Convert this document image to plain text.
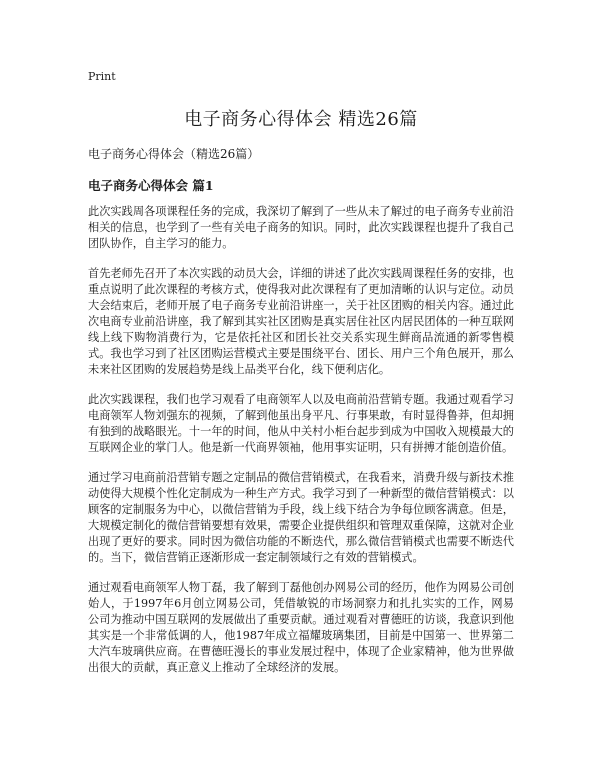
Print
电子商务心得体会 精选26篇

电子商务心得体会（精选26篇）

电子商务心得体会 篇1

此次实践周各项课程任务的完成，我深切了解到了一些从未了解过的电子商务专业前沿相关的信息，也学到了一些有关电子商务的知识。同时，此次实践课程也提升了我自己团队协作，自主学习的能力。

首先老师先召开了本次实践的动员大会，详细的讲述了此次实践周课程任务的安排，也重点说明了此次课程的考核方式，使得我对此次课程有了更加清晰的认识与定位。动员大会结束后，老师开展了电子商务专业前沿讲座一，关于社区团购的相关内容。通过此次电商专业前沿讲座，我了解到其实社区团购是真实居住社区内居民团体的一种互联网线上线下购物消费行为，它是依托社区和团长社交关系实现生鲜商品流通的新零售模式。我也学习到了社区团购运营模式主要是围绕平台、团长、用户三个角色展开，那么未来社区团购的发展趋势是线上品类平台化，线下便利店化。

此次实践课程，我们也学习观看了电商领军人以及电商前沿营销专题。我通过观看学习电商领军人物刘强东的视频，了解到他虽出身平凡、行事果敢，有时显得鲁莽，但却拥有独到的战略眼光。十一年的时间，他从中关村小柜台起步到成为中国收入规模最大的互联网企业的掌门人。他是新一代商界领袖，他用事实证明，只有拼搏才能创造价值。

通过学习电商前沿营销专题之定制品的微信营销模式，在我看来，消费升级与新技术推动使得大规模个性化定制成为一种生产方式。我学习到了一种新型的微信营销模式：以顾客的定制服务为中心，以微信营销为手段，线上线下结合为争每位顾客满意。但是，大规模定制化的微信营销要想有效果，需要企业提供组织和管理双重保障，这就对企业出现了更好的要求。同时因为微信功能的不断迭代，那么微信营销模式也需要不断迭代的。当下，微信营销正逐渐形成一套定制领域行之有效的营销模式。

通过观看电商领军人物丁磊，我了解到丁磊他创办网易公司的经历，他作为网易公司创始人，于1997年6月创立网易公司，凭借敏锐的市场洞察力和扎扎实实的工作，网易公司为推动中国互联网的发展做出了重要贡献。通过观看对曹德旺的访谈，我意识到他其实是一个非常低调的人，他1987年成立福耀玻璃集团，目前是中国第一、世界第二大汽车玻璃供应商。在曹德旺漫长的事业发展过程中，体现了企业家精神，他为世界做出很大的贡献，真正意义上推动了全球经济的发展。
